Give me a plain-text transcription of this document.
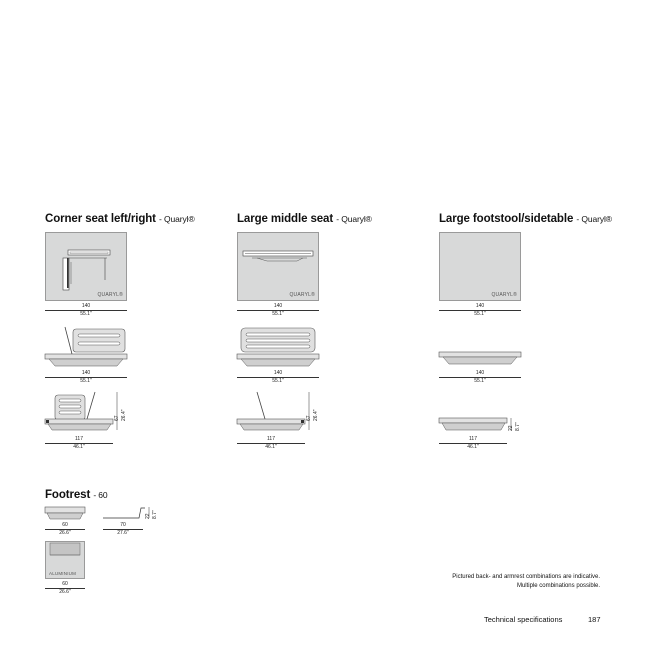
Corner seat left/right - Quaryl®	Large middle seat - Quaryl®	Large footstool/sidetable - Quaryl®
Footrest - 60
QUARYL®
140
55.1"
140
55.1"
67 26.4"
117
46.1"
QUARYL®
140
55.1"
140
55.1"
67 26.4"
117
46.1"
QUARYL®
140
55.1"
140
55.1"
22 8.7"
117
46.1"
60
26.6"
22 8.7"
70
27.6"
ALUMINIUM
60
26.6"
Pictured back- and armrest combinations are indicative.
Multiple combinations possible.
Technical specifications	187
